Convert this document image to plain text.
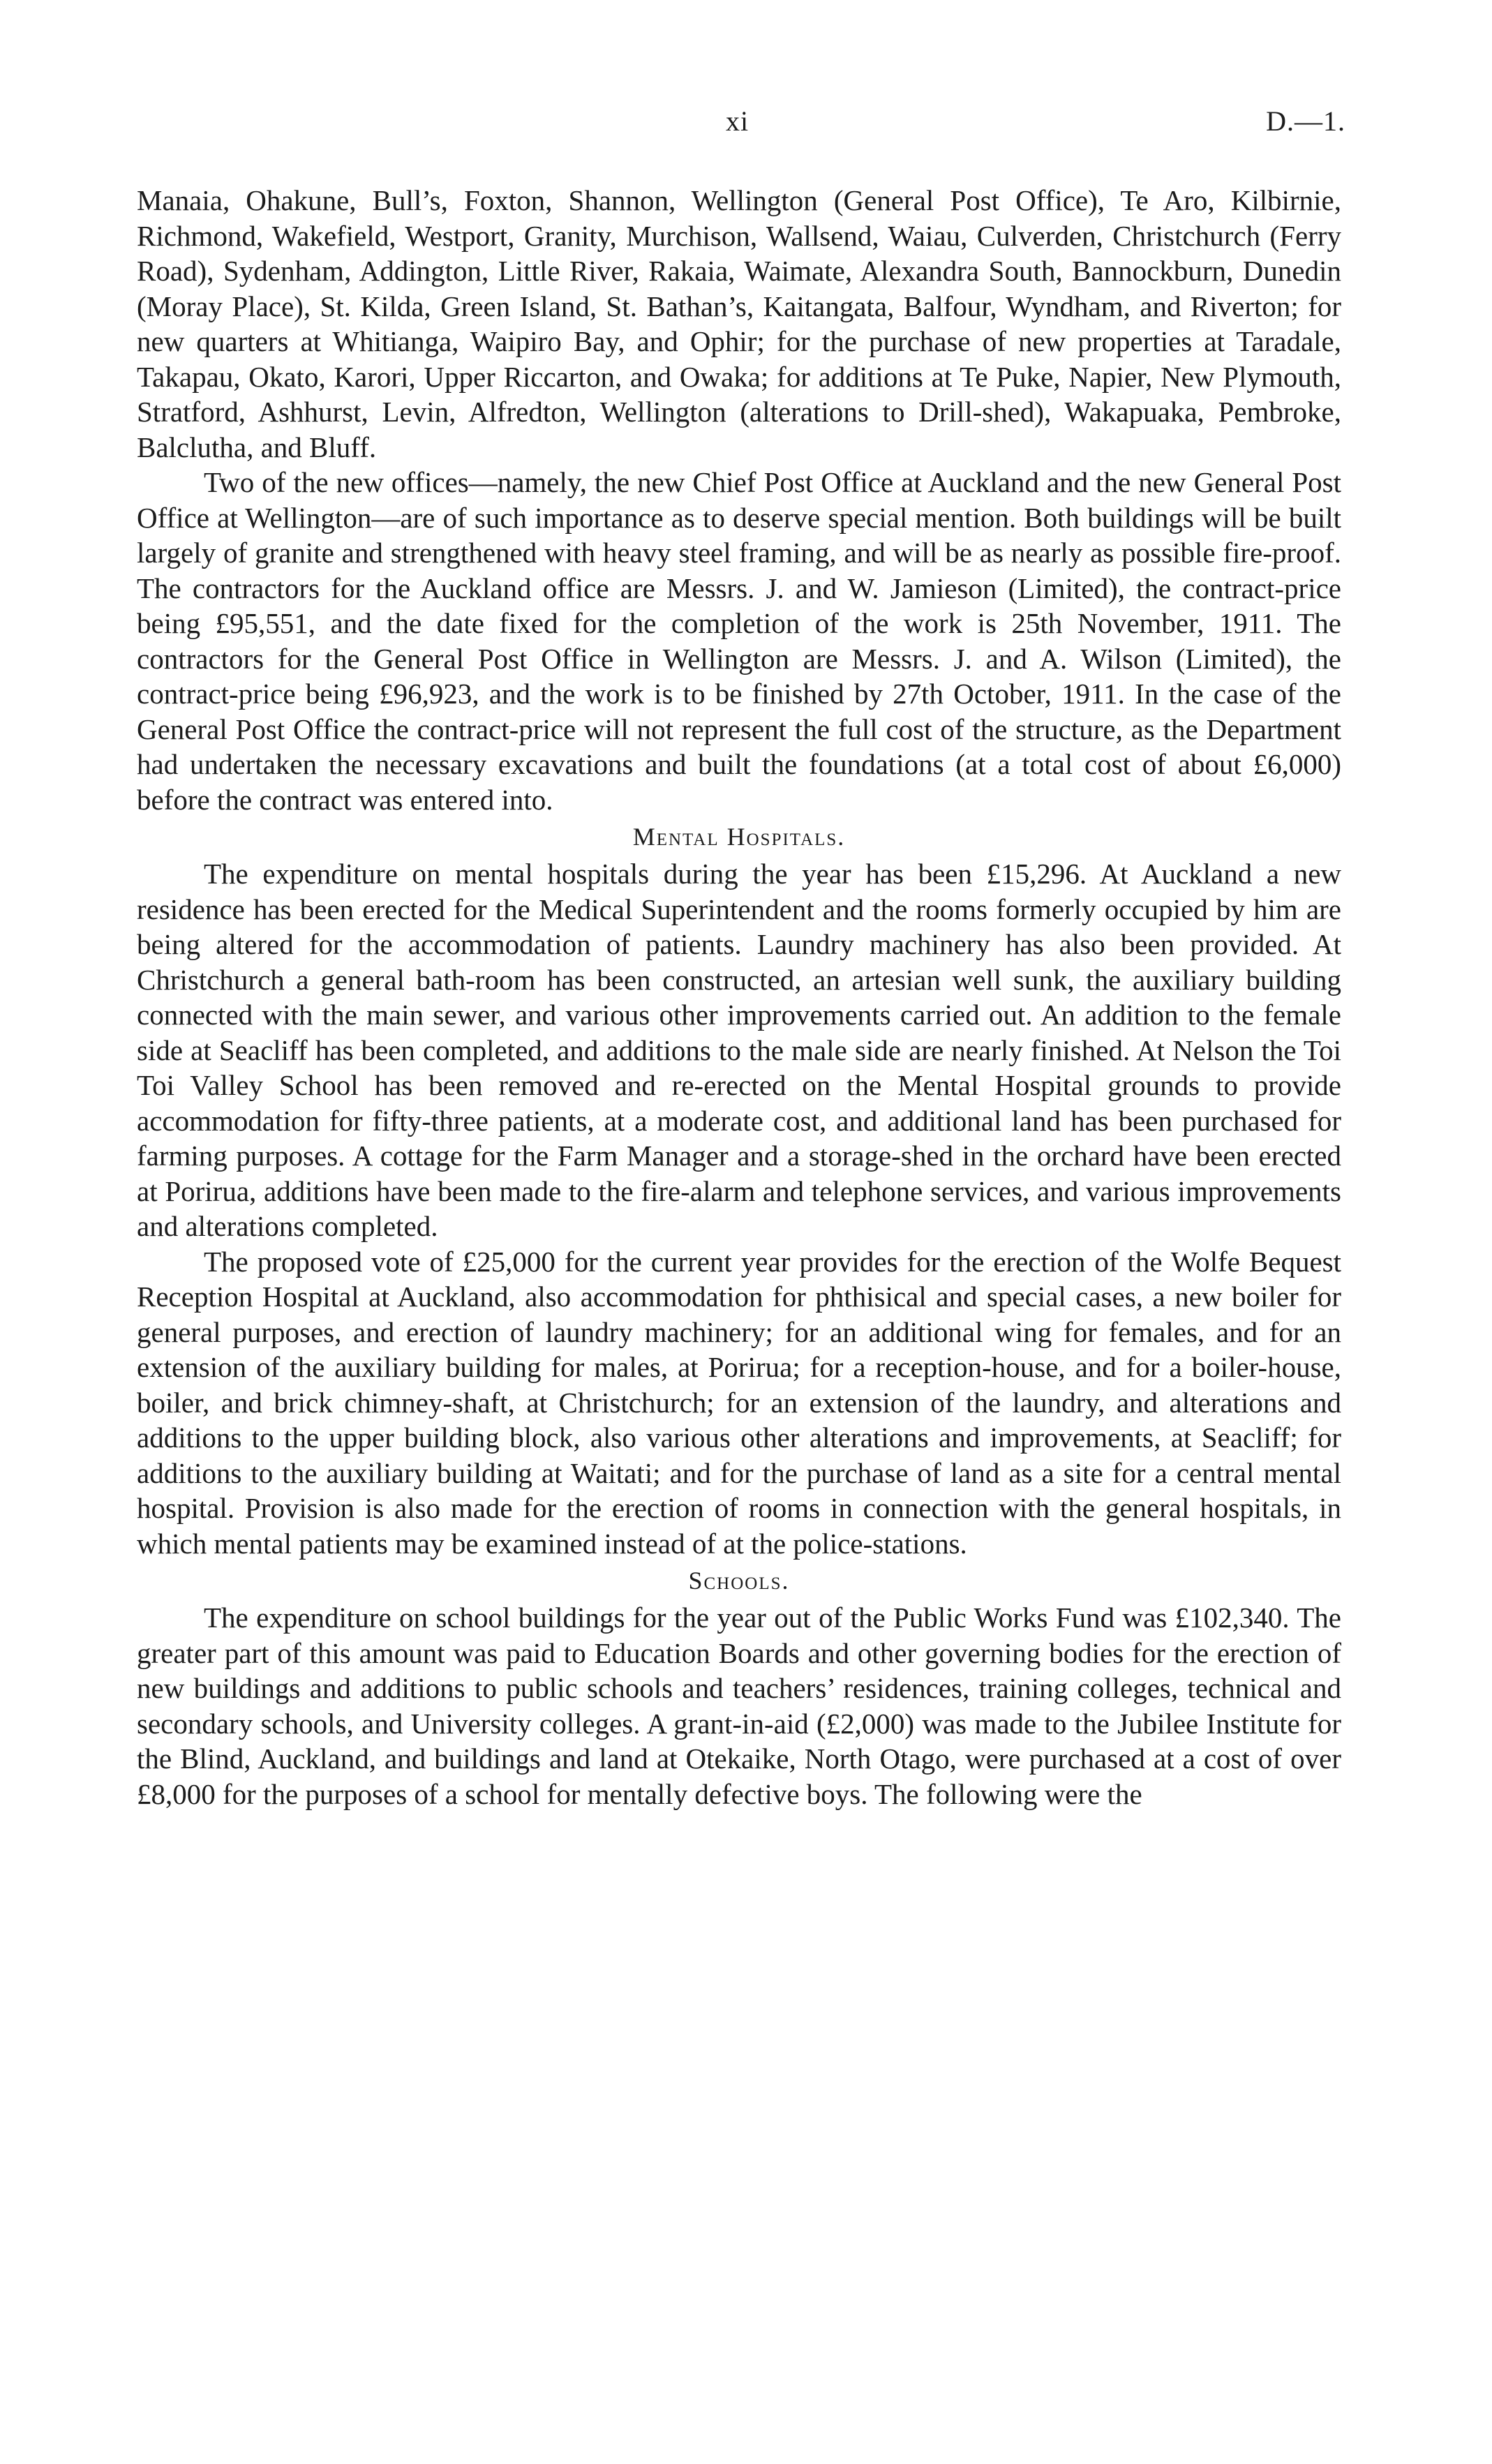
xi	D.—1.

Manaia, Ohakune, Bull’s, Foxton, Shannon, Wellington (General Post Office), Te Aro, Kilbirnie, Richmond, Wakefield, Westport, Granity, Murchison, Wallsend, Waiau, Culverden, Christchurch (Ferry Road), Sydenham, Addington, Little River, Rakaia, Waimate, Alexandra South, Bannockburn, Dunedin (Moray Place), St. Kilda, Green Island, St. Bathan’s, Kaitangata, Balfour, Wyndham, and Riverton; for new quarters at Whitianga, Waipiro Bay, and Ophir; for the purchase of new properties at Taradale, Takapau, Okato, Karori, Upper Riccarton, and Owaka; for additions at Te Puke, Napier, New Plymouth, Stratford, Ashhurst, Levin, Alfredton, Wellington (alterations to Drill-shed), Wakapuaka, Pembroke, Balclutha, and Bluff.

Two of the new offices—namely, the new Chief Post Office at Auckland and the new General Post Office at Wellington—are of such importance as to deserve special mention. Both buildings will be built largely of granite and strengthened with heavy steel framing, and will be as nearly as possible fire-proof. The contractors for the Auckland office are Messrs. J. and W. Jamieson (Limited), the contract-price being £95,551, and the date fixed for the completion of the work is 25th November, 1911. The contractors for the General Post Office in Wellington are Messrs. J. and A. Wilson (Limited), the contract-price being £96,923, and the work is to be finished by 27th October, 1911. In the case of the General Post Office the contract-price will not represent the full cost of the structure, as the Department had undertaken the necessary excavations and built the foundations (at a total cost of about £6,000) before the contract was entered into.

Mental Hospitals.

The expenditure on mental hospitals during the year has been £15,296. At Auckland a new residence has been erected for the Medical Superintendent and the rooms formerly occupied by him are being altered for the accommodation of patients. Laundry machinery has also been provided. At Christchurch a general bath-room has been constructed, an artesian well sunk, the auxiliary building connected with the main sewer, and various other improvements carried out. An addition to the female side at Seacliff has been completed, and additions to the male side are nearly finished. At Nelson the Toi Toi Valley School has been removed and re-erected on the Mental Hospital grounds to provide accommodation for fifty-three patients, at a moderate cost, and additional land has been purchased for farming purposes. A cottage for the Farm Manager and a storage-shed in the orchard have been erected at Porirua, additions have been made to the fire-alarm and telephone services, and various improvements and alterations completed.

The proposed vote of £25,000 for the current year provides for the erection of the Wolfe Bequest Reception Hospital at Auckland, also accommodation for phthisical and special cases, a new boiler for general purposes, and erection of laundry machinery; for an additional wing for females, and for an extension of the auxiliary building for males, at Porirua; for a reception-house, and for a boiler-house, boiler, and brick chimney-shaft, at Christchurch; for an extension of the laundry, and alterations and additions to the upper building block, also various other alterations and improvements, at Seacliff; for additions to the auxiliary building at Waitati; and for the purchase of land as a site for a central mental hospital. Provision is also made for the erection of rooms in connection with the general hospitals, in which mental patients may be examined instead of at the police-stations.

Schools.

The expenditure on school buildings for the year out of the Public Works Fund was £102,340. The greater part of this amount was paid to Education Boards and other governing bodies for the erection of new buildings and additions to public schools and teachers’ residences, training colleges, technical and secondary schools, and University colleges. A grant-in-aid (£2,000) was made to the Jubilee Institute for the Blind, Auckland, and buildings and land at Otekaike, North Otago, were purchased at a cost of over £8,000 for the purposes of a school for mentally defective boys. The following were the
